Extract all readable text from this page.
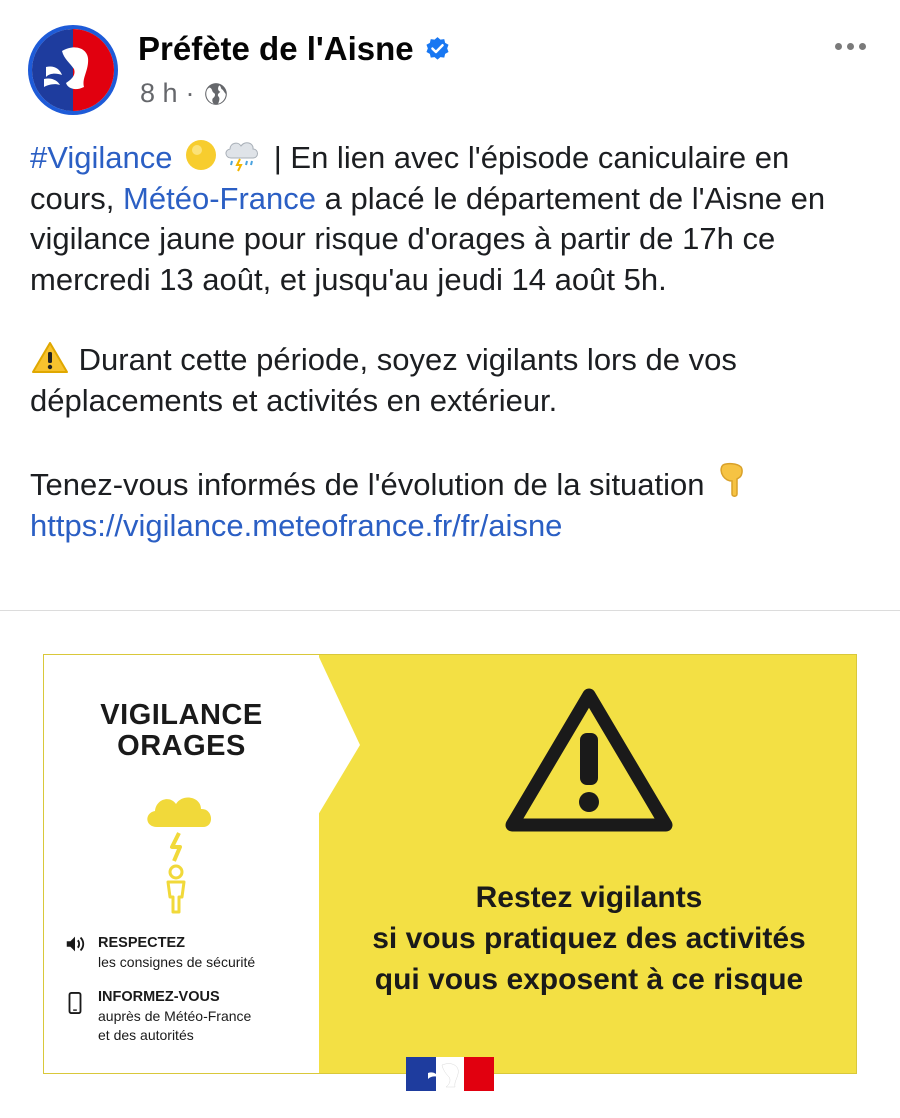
Préfète de l'Aisne
8 h ·

#Vigilance	| En lien avec l'épisode caniculaire en cours, Météo-France a placé le département de l'Aisne en vigilance jaune pour risque d'orages à partir de 17h ce mercredi 13 août, et jusqu'au jeudi 14 août 5h.

Durant cette période, soyez vigilants lors de vos déplacements et activités en extérieur.

Tenez-vous informés de l'évolution de la situation
https://vigilance.meteofrance.fr/fr/aisne

VIGILANCE
ORAGES
RESPECTEZ
les consignes de sécurité
INFORMEZ-VOUS
auprès de Météo-France
et des autorités
Restez vigilants
si vous pratiquez des activités
qui vous exposent à ce risque
